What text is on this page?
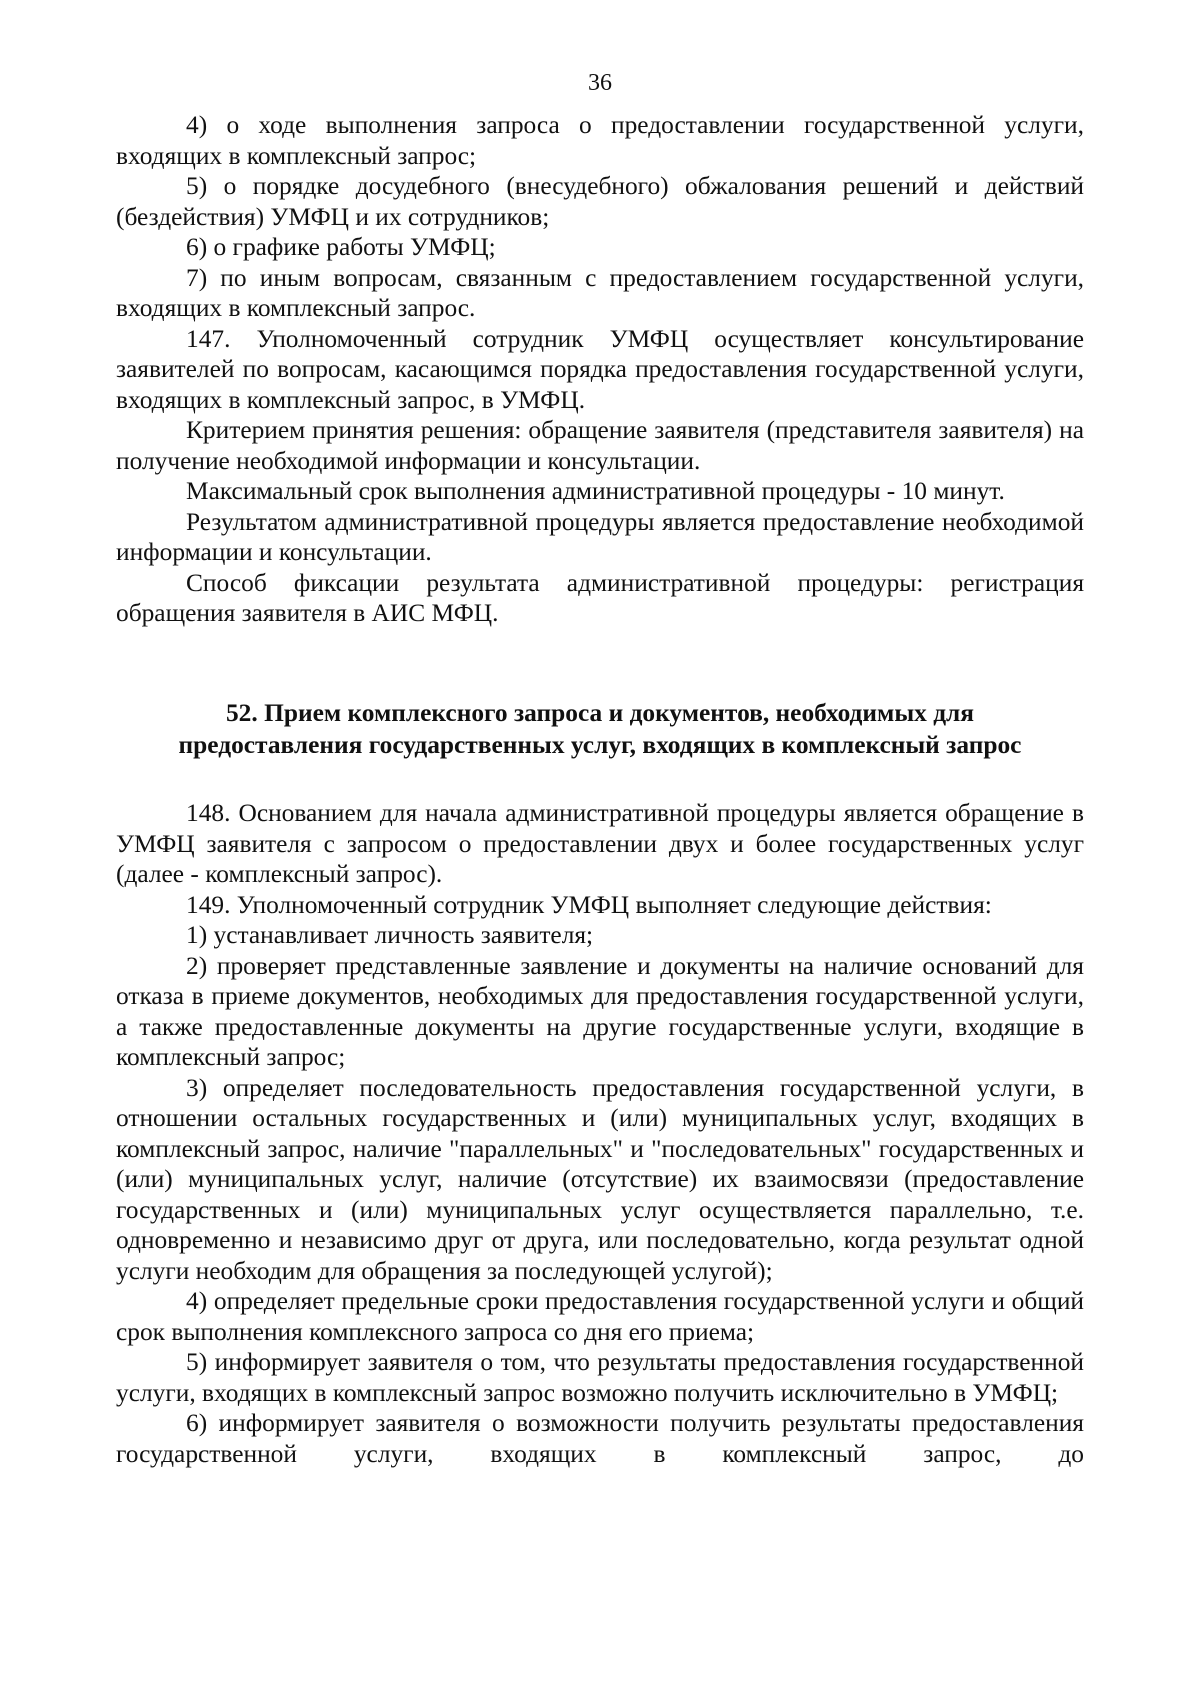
36

4) о ходе выполнения запроса о предоставлении государственной услуги, входящих в комплексный запрос;

5) о порядке досудебного (внесудебного) обжалования решений и действий (бездействия) УМФЦ и их сотрудников;

6) о графике работы УМФЦ;

7) по иным вопросам, связанным с предоставлением государственной услуги, входящих в комплексный запрос.

147. Уполномоченный сотрудник УМФЦ осуществляет консультирование заявителей по вопросам, касающимся порядка предоставления государственной услуги, входящих в комплексный запрос, в УМФЦ.

Критерием принятия решения: обращение заявителя (представителя заявителя) на получение необходимой информации и консультации.

Максимальный срок выполнения административной процедуры - 10 минут.

Результатом административной процедуры является предоставление необходимой информации и консультации.

Способ фиксации результата административной процедуры: регистрация обращения заявителя в АИС МФЦ.

52. Прием комплексного запроса и документов, необходимых для предоставления государственных услуг, входящих в комплексный запрос

148. Основанием для начала административной процедуры является обращение в УМФЦ заявителя с запросом о предоставлении двух и более государственных услуг (далее - комплексный запрос).

149. Уполномоченный сотрудник УМФЦ выполняет следующие действия:

1) устанавливает личность заявителя;

2) проверяет представленные заявление и документы на наличие оснований для отказа в приеме документов, необходимых для предоставления государственной услуги, а также предоставленные документы на другие государственные услуги, входящие в комплексный запрос;

3) определяет последовательность предоставления государственной услуги, в отношении остальных государственных и (или) муниципальных услуг, входящих в комплексный запрос, наличие "параллельных" и "последовательных" государственных и (или) муниципальных услуг, наличие (отсутствие) их взаимосвязи (предоставление государственных и (или) муниципальных услуг осуществляется параллельно, т.е. одновременно и независимо друг от друга, или последовательно, когда результат одной услуги необходим для обращения за последующей услугой);

4) определяет предельные сроки предоставления государственной услуги и общий срок выполнения комплексного запроса со дня его приема;

5) информирует заявителя о том, что результаты предоставления государственной услуги, входящих в комплексный запрос возможно получить исключительно в УМФЦ;

6) информирует заявителя о возможности получить результаты предоставления государственной услуги, входящих в комплексный запрос, до
